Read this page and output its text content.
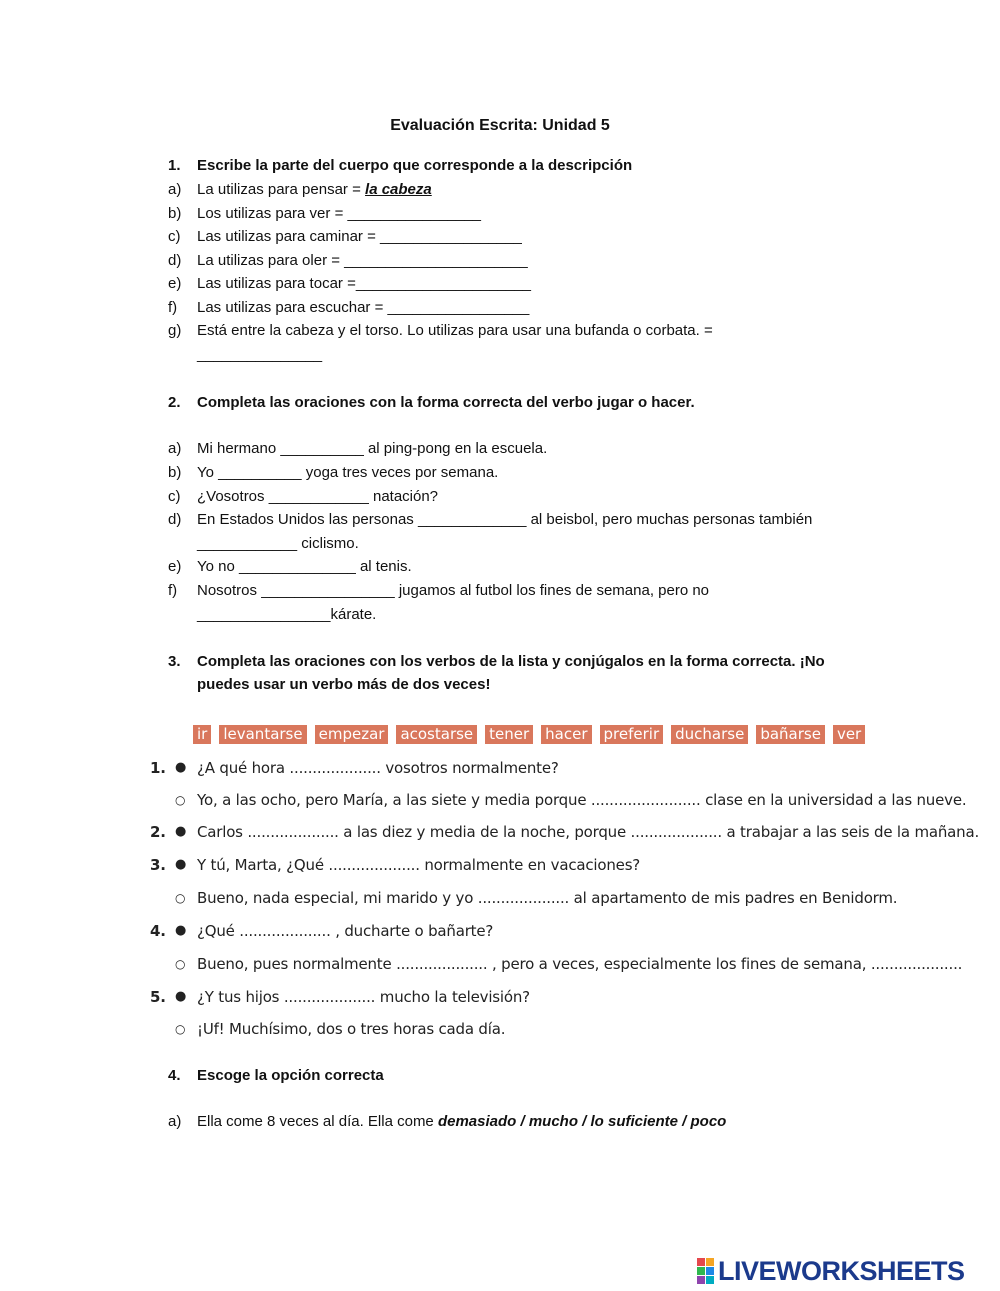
Evaluación Escrita: Unidad 5
1. Escribe la parte del cuerpo que corresponde a la descripción
a) La utilizas para pensar = la cabeza
b) Los utilizas para ver = ________________
c) Las utilizas para caminar = _________________
d) La utilizas para oler = ______________________
e) Las utilizas para tocar =_____________________
f) Las utilizas para escuchar = _________________
g) Está entre la cabeza y el torso. Lo utilizas para usar una bufanda o corbata. =
_______________
2. Completa las oraciones con la forma correcta del verbo jugar o hacer.
a) Mi hermano __________ al ping-pong en la escuela.
b) Yo __________ yoga tres veces por semana.
c) ¿Vosotros ____________ natación?
d) En Estados Unidos las personas _____________ al beisbol, pero muchas personas también
____________ ciclismo.
e) Yo no ______________ al tenis.
f) Nosotros ________________ jugamos al futbol los fines de semana, pero no
________________kárate.
3. Completa las oraciones con los verbos de la lista y conjúgalos en la forma correcta. ¡No puedes usar un verbo más de dos veces!
ir levantarse empezar acostarse tener hacer preferir ducharse bañarse ver
1. ● ¿A qué hora .................... vosotros normalmente?
○ Yo, a las ocho, pero María, a las siete y media porque ........................ clase en la universidad a las nueve.
2. ● Carlos .................... a las diez y media de la noche, porque .................... a trabajar a las seis de la mañana.
3. ● Y tú, Marta, ¿Qué .................... normalmente en vacaciones?
○ Bueno, nada especial, mi marido y yo .................... al apartamento de mis padres en Benidorm.
4. ● ¿Qué .................... , ducharte o bañarte?
○ Bueno, pues normalmente .................... , pero a veces, especialmente los fines de semana, ....................
5. ● ¿Y tus hijos .................... mucho la televisión?
○ ¡Uf! Muchísimo, dos o tres horas cada día.
4. Escoge la opción correcta
a) Ella come 8 veces al día. Ella come demasiado / mucho / lo suficiente / poco
LIVEWORKSHEETS
